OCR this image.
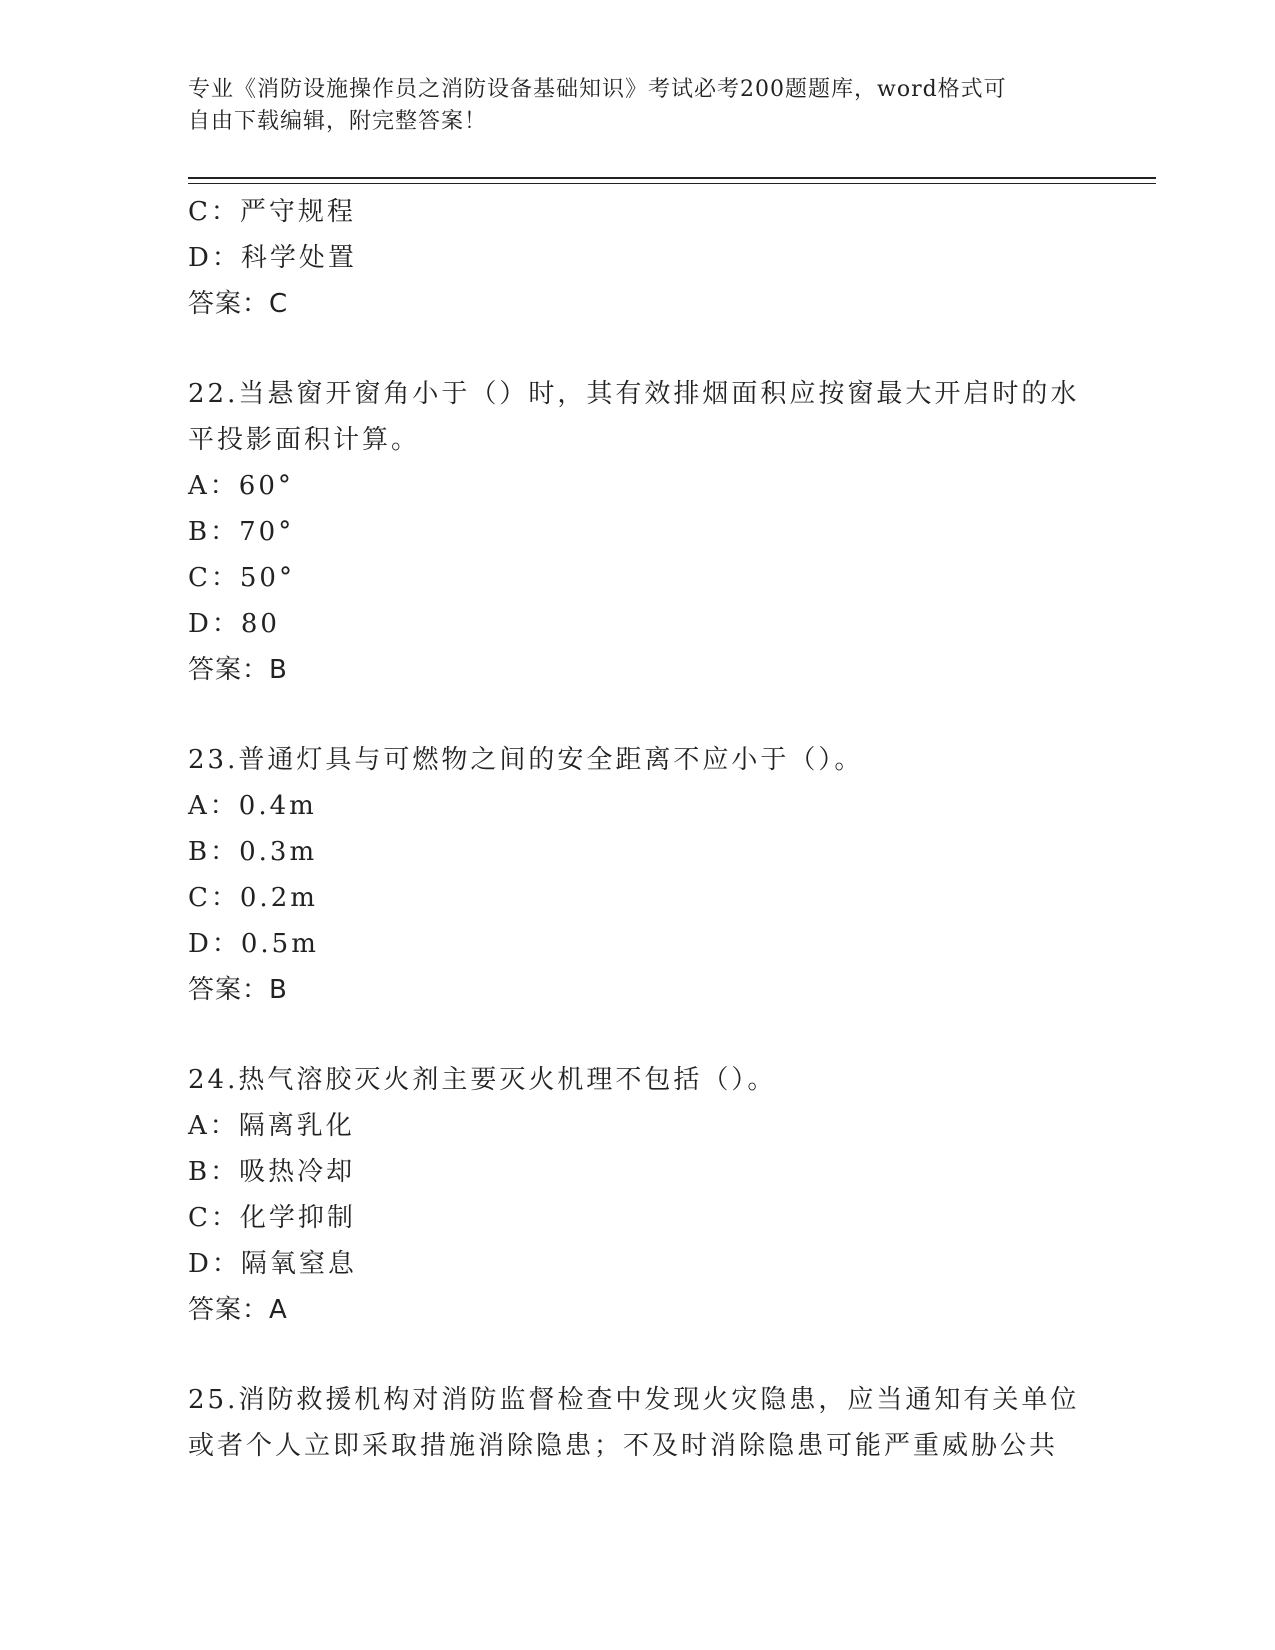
专业《消防设施操作员之消防设备基础知识》考试必考200题题库，word格式可
自由下载编辑，附完整答案！
C：严守规程
D：科学处置
答案：C
22.当悬窗开窗角小于（）时，其有效排烟面积应按窗最大开启时的水
平投影面积计算。
A：60°
B：70°
C：50°
D：80
答案：B
23.普通灯具与可燃物之间的安全距离不应小于（）。
A：0.4m
B：0.3m
C：0.2m
D：0.5m
答案：B
24.热气溶胶灭火剂主要灭火机理不包括（）。
A：隔离乳化
B：吸热冷却
C：化学抑制
D：隔氧窒息
答案：A
25.消防救援机构对消防监督检查中发现火灾隐患，应当通知有关单位
或者个人立即采取措施消除隐患；不及时消除隐患可能严重威胁公共
